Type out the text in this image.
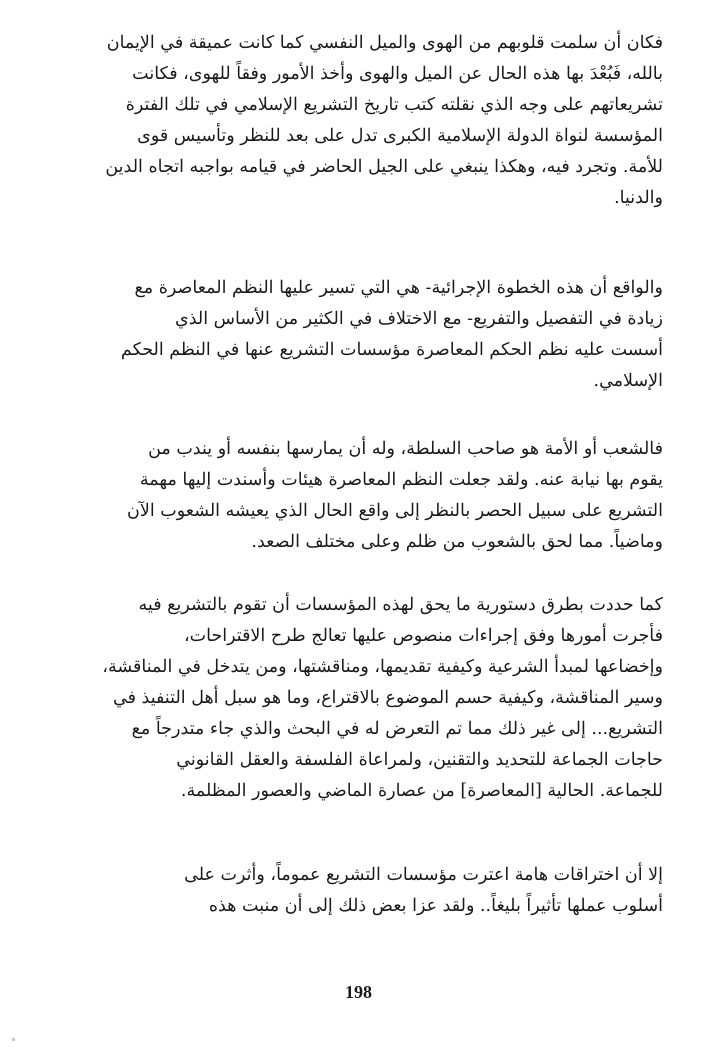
فكان أن سلمت قلوبهم من الهوى والميل النفسي كما كانت عميقة في الإيمان
بالله، فَبُعْدَ بها هذه الحال عن الميل والهوى وأخذ الأمور وفقاً للهوى، فكانت
تشريعاتهم على وجه الذي نقلته كتب تاريخ التشريع الإسلامي في تلك الفترة
المؤسسة لنواة الدولة الإسلامية الكبرى تدل على بعد للنظر وتأسيس قوى
للأمة. وتجرد فيه، وهكذا ينبغي على الجيل الحاضر في قيامه بواجبه اتجاه الدين
والدنيا.
والواقع أن هذه الخطوة الإجرائية- هي التي تسير عليها النظم المعاصرة مع
زيادة في التفصيل والتفريع- مع الاختلاف في الكثير من الأساس الذي
أسست عليه نظم الحكم المعاصرة مؤسسات التشريع عنها في النظم الحكم
الإسلامي.
فالشعب أو الأمة هو صاحب السلطة، وله أن يمارسها بنفسه أو يندب من
يقوم بها نيابة عنه. ولقد جعلت النظم المعاصرة هيئات وأسندت إليها مهمة
التشريع على سبيل الحصر بالنظر إلى واقع الحال الذي يعيشه الشعوب الآن
وماضياً. مما لحق بالشعوب من ظلم وعلى مختلف الصعد.
كما حددت بطرق دستورية ما يحق لهذه المؤسسات أن تقوم بالتشريع فيه
فأجرت أمورها وفق إجراءات منصوص عليها تعالج طرح الاقتراحات،
وإخضاعها لمبدأ الشرعية وكيفية تقديمها، ومناقشتها، ومن يتدخل في المناقشة،
وسير المناقشة، وكيفية حسم الموضوع بالاقتراع، وما هو سبل أهل التنفيذ في
التشريع... إلى غير ذلك مما تم التعرض له في البحث والذي جاء متدرجاً مع
حاجات الجماعة للتحديد والتقنين، ولمراعاة الفلسفة والعقل القانوني
للجماعة. الحالية [المعاصرة] من عصارة الماضي والعصور المظلمة.
إلا أن اختراقات هامة اعترت مؤسسات التشريع عموماً، وأثرت على
أسلوب عملها تأثيراً بليغاً.. ولقد عزا بعض ذلك إلى أن منبت هذه
198
